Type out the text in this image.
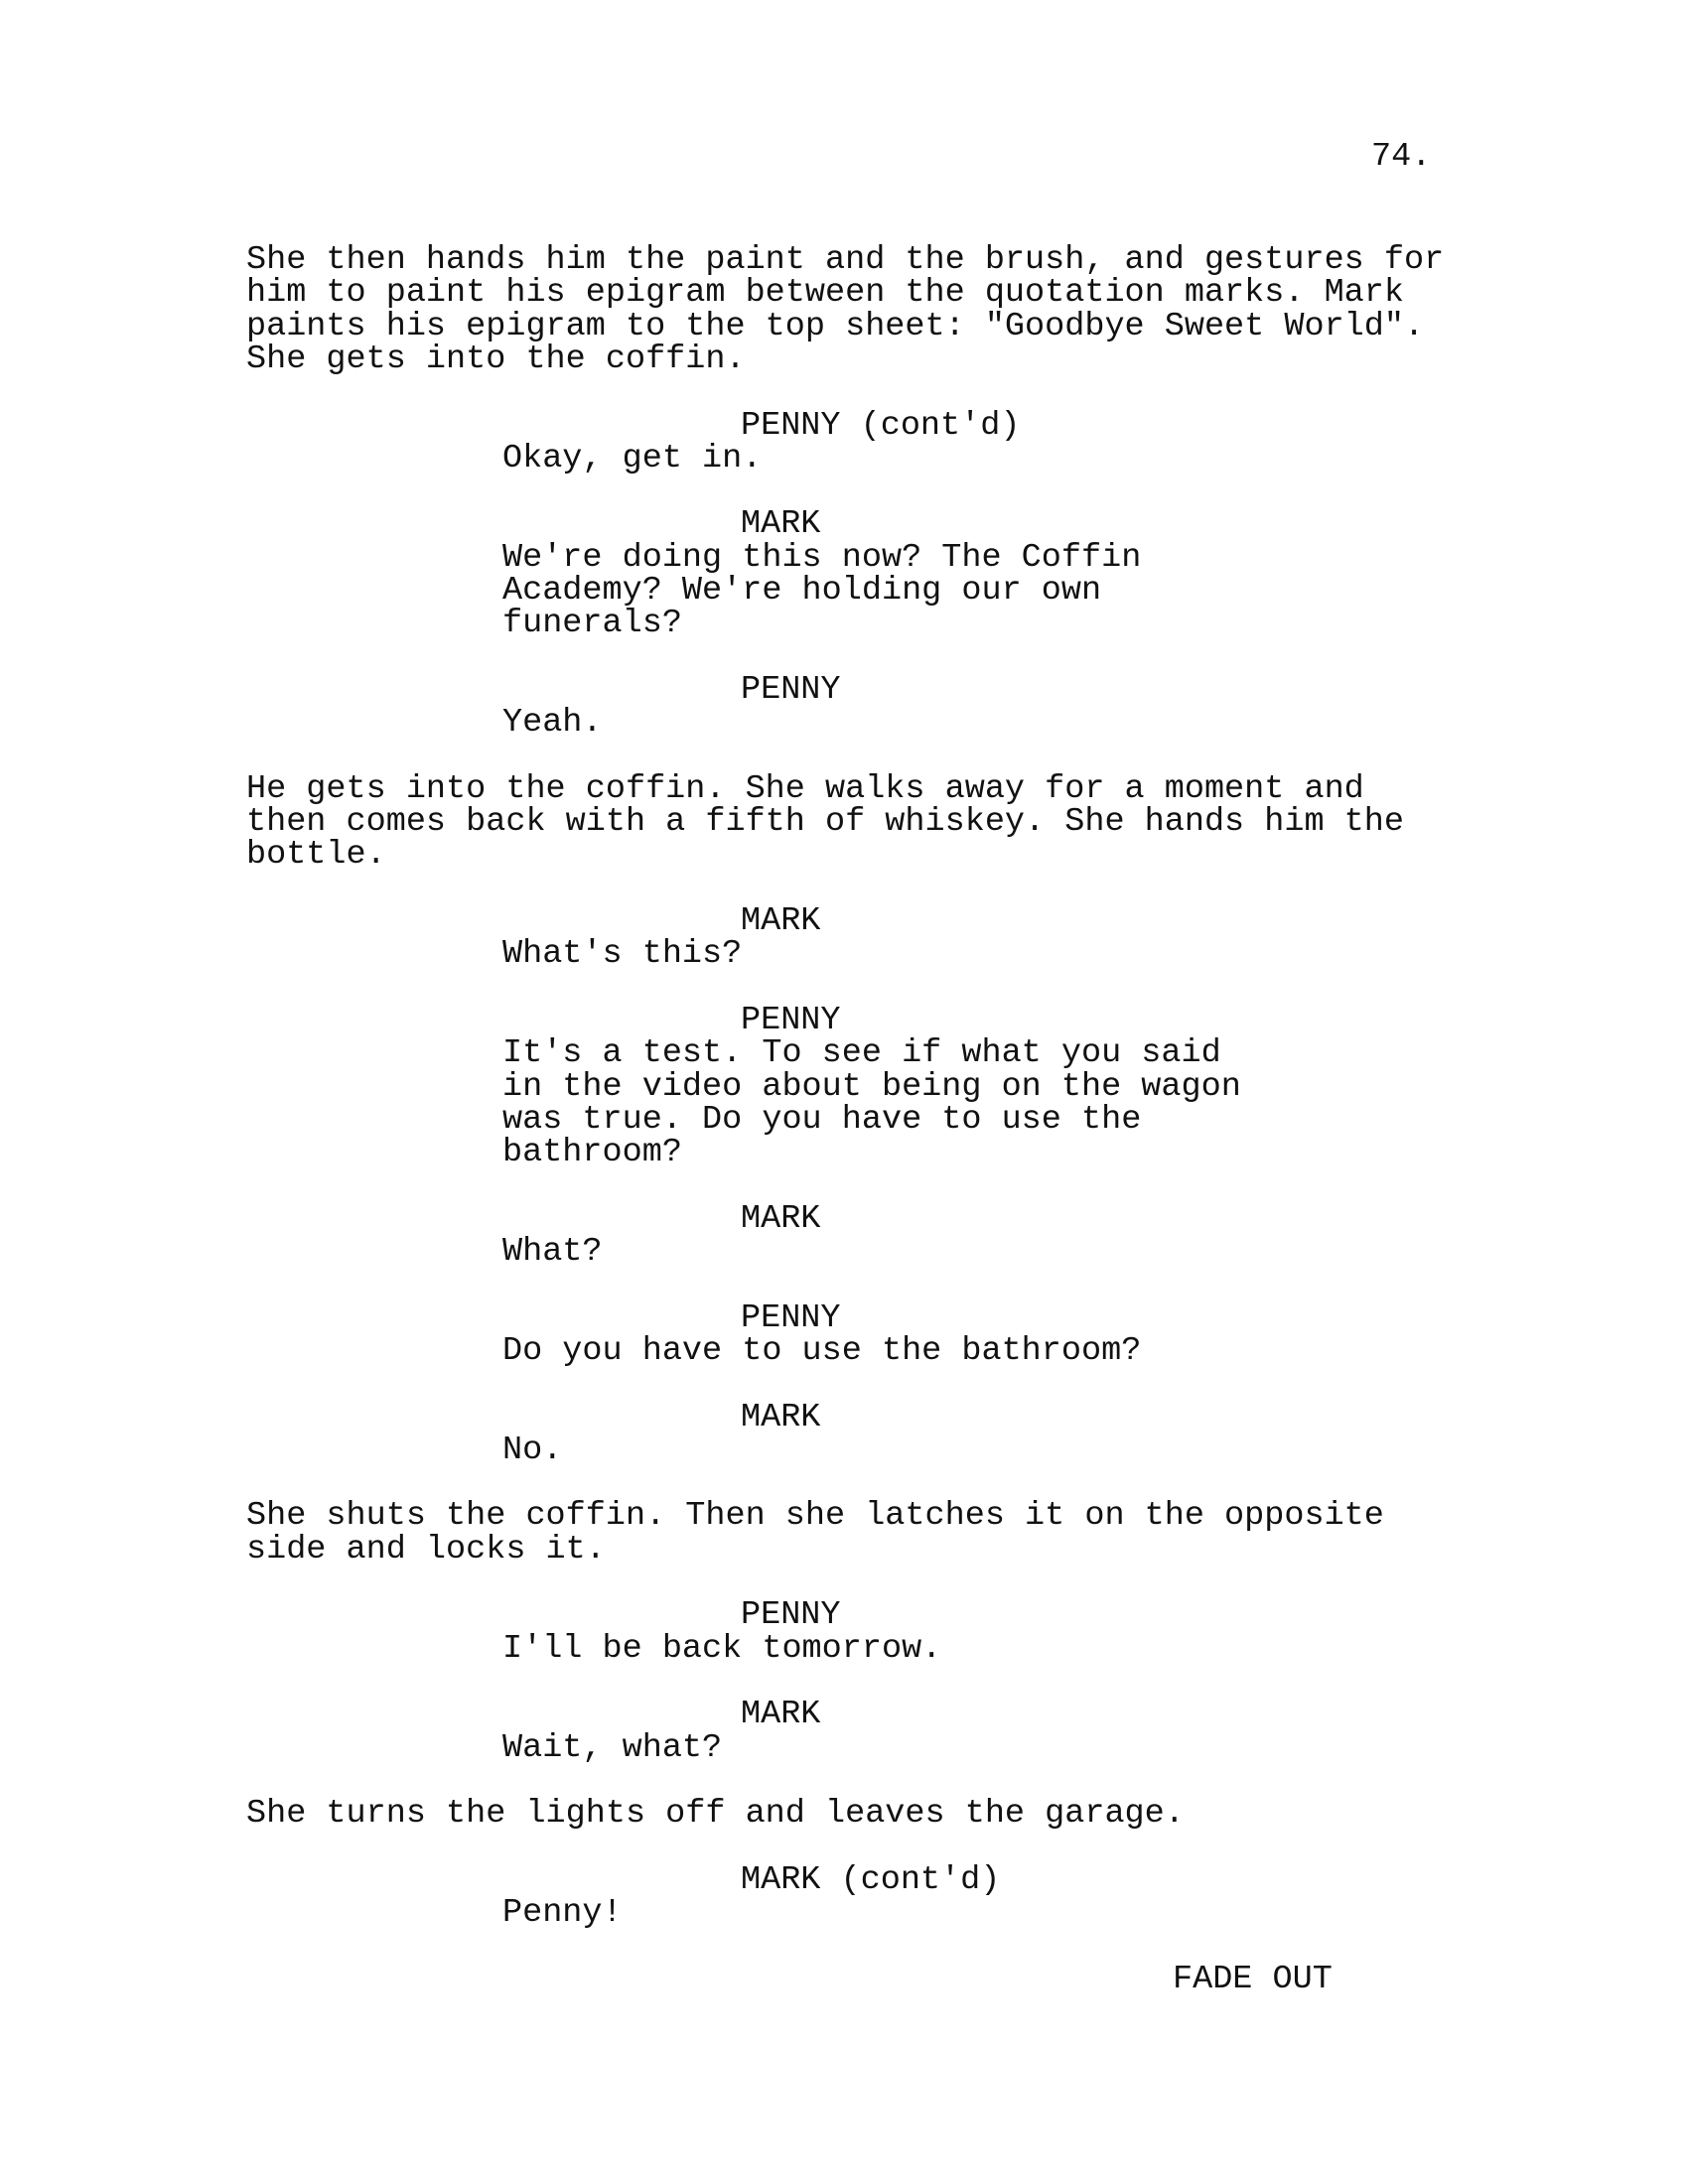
74.
She then hands him the paint and the brush, and gestures for
him to paint his epigram between the quotation marks. Mark
paints his epigram to the top sheet: "Goodbye Sweet World".
She gets into the coffin.
PENNY (cont'd)
Okay, get in.
MARK
We're doing this now? The Coffin
Academy? We're holding our own
funerals?
PENNY
Yeah.
He gets into the coffin. She walks away for a moment and
then comes back with a fifth of whiskey. She hands him the
bottle.
MARK
What's this?
PENNY
It's a test. To see if what you said
in the video about being on the wagon
was true. Do you have to use the
bathroom?
MARK
What?
PENNY
Do you have to use the bathroom?
MARK
No.
She shuts the coffin. Then she latches it on the opposite
side and locks it.
PENNY
I'll be back tomorrow.
MARK
Wait, what?
She turns the lights off and leaves the garage.
MARK (cont'd)
Penny!
FADE OUT
